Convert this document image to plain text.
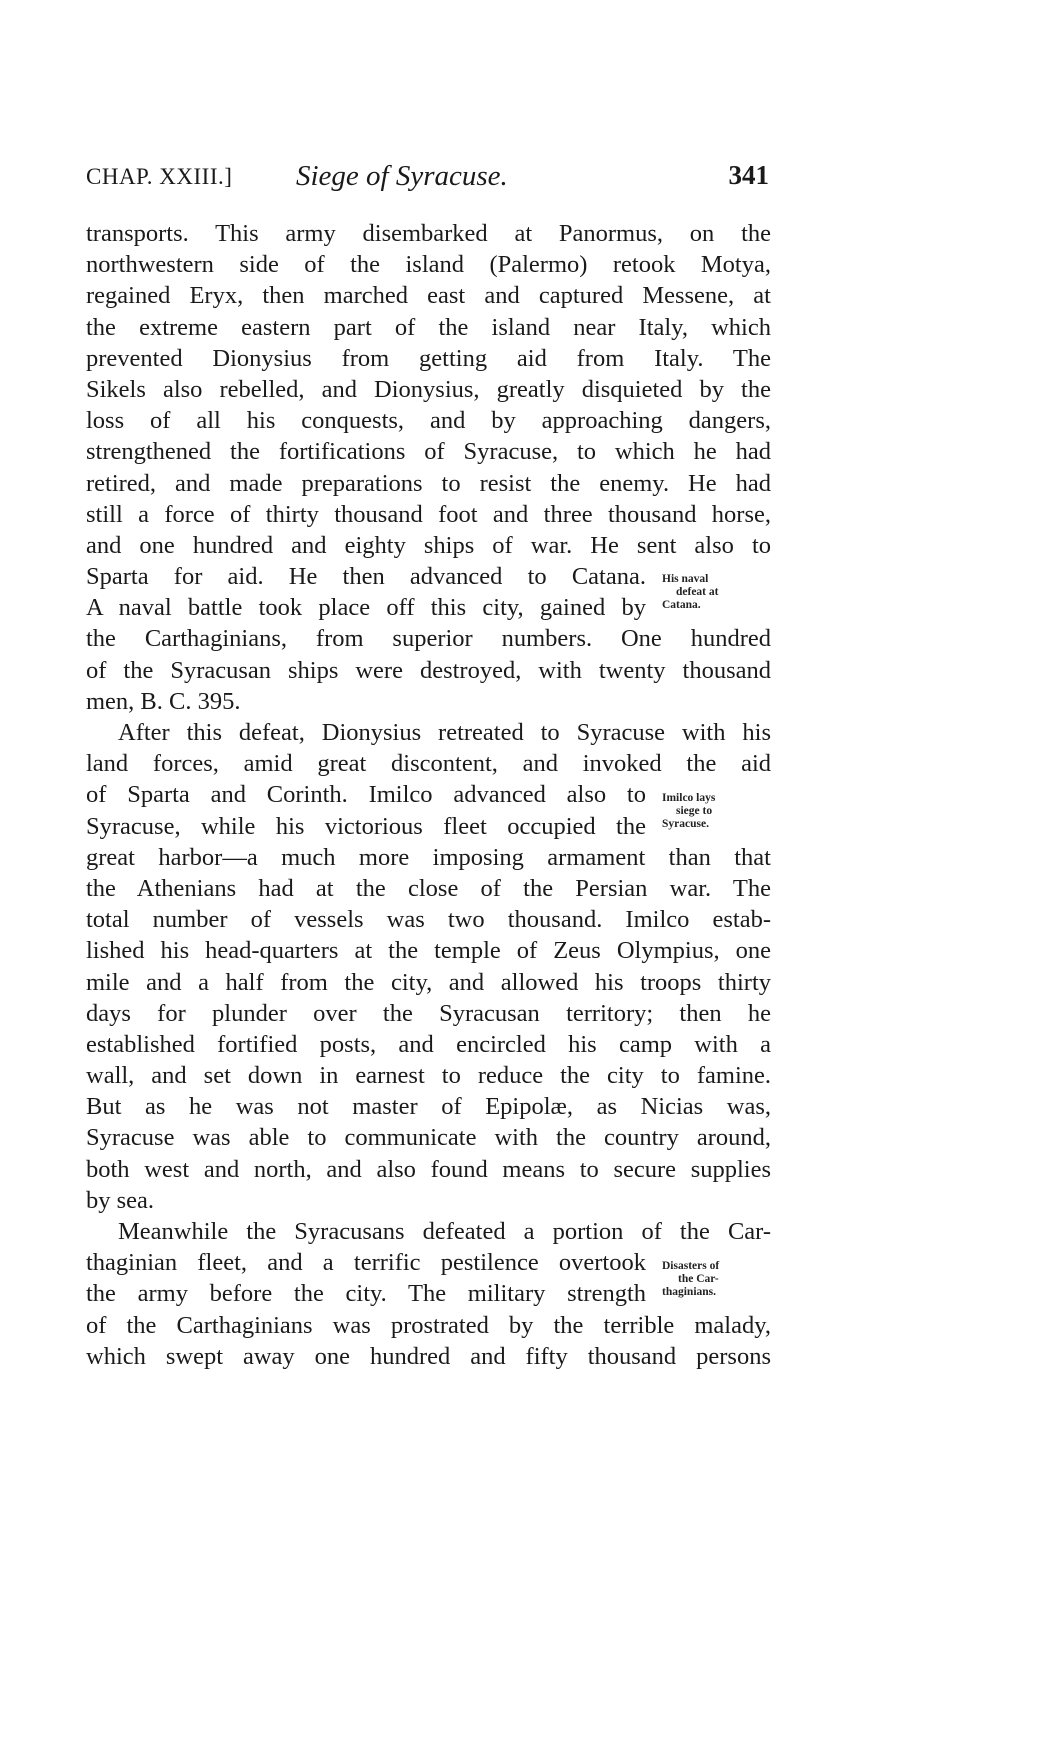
CHAP. XXIII.] Siege of Syracuse.	341
transports. This army disembarked at Panormus, on the
northwestern side of the island (Palermo) retook Motya,
regained Eryx, then marched east and captured Messene, at
the extreme eastern part of the island near Italy, which
prevented Dionysius from getting aid from Italy. The
Sikels also rebelled, and Dionysius, greatly disquieted by the
loss of all his conquests, and by approaching dangers,
strengthened the fortifications of Syracuse, to which he had
retired, and made preparations to resist the enemy. He had
still a force of thirty thousand foot and three thousand horse,
and one hundred and eighty ships of war. He sent also to
Sparta for aid. He then advanced to Catana.
A naval battle took place off this city, gained by
the Carthaginians, from superior numbers. One hundred
of the Syracusan ships were destroyed, with twenty thousand
men, B. C. 395.
After this defeat, Dionysius retreated to Syracuse with his
land forces, amid great discontent, and invoked the aid
of Sparta and Corinth. Imilco advanced also to
Syracuse, while his victorious fleet occupied the
great harbor—a much more imposing armament than that
the Athenians had at the close of the Persian war. The
total number of vessels was two thousand. Imilco estab-
lished his head-quarters at the temple of Zeus Olympius, one
mile and a half from the city, and allowed his troops thirty
days for plunder over the Syracusan territory; then he
established fortified posts, and encircled his camp with a
wall, and set down in earnest to reduce the city to famine.
But as he was not master of Epipolæ, as Nicias was,
Syracuse was able to communicate with the country around,
both west and north, and also found means to secure supplies
by sea.
Meanwhile the Syracusans defeated a portion of the Car-
thaginian fleet, and a terrific pestilence overtook
the army before the city. The military strength
of the Carthaginians was prostrated by the terrible malady,
which swept away one hundred and fifty thousand persons
His naval
defeat at
Catana.
Imilco lays
siege to
Syracuse.
Disasters of
the Car-
thaginians.
